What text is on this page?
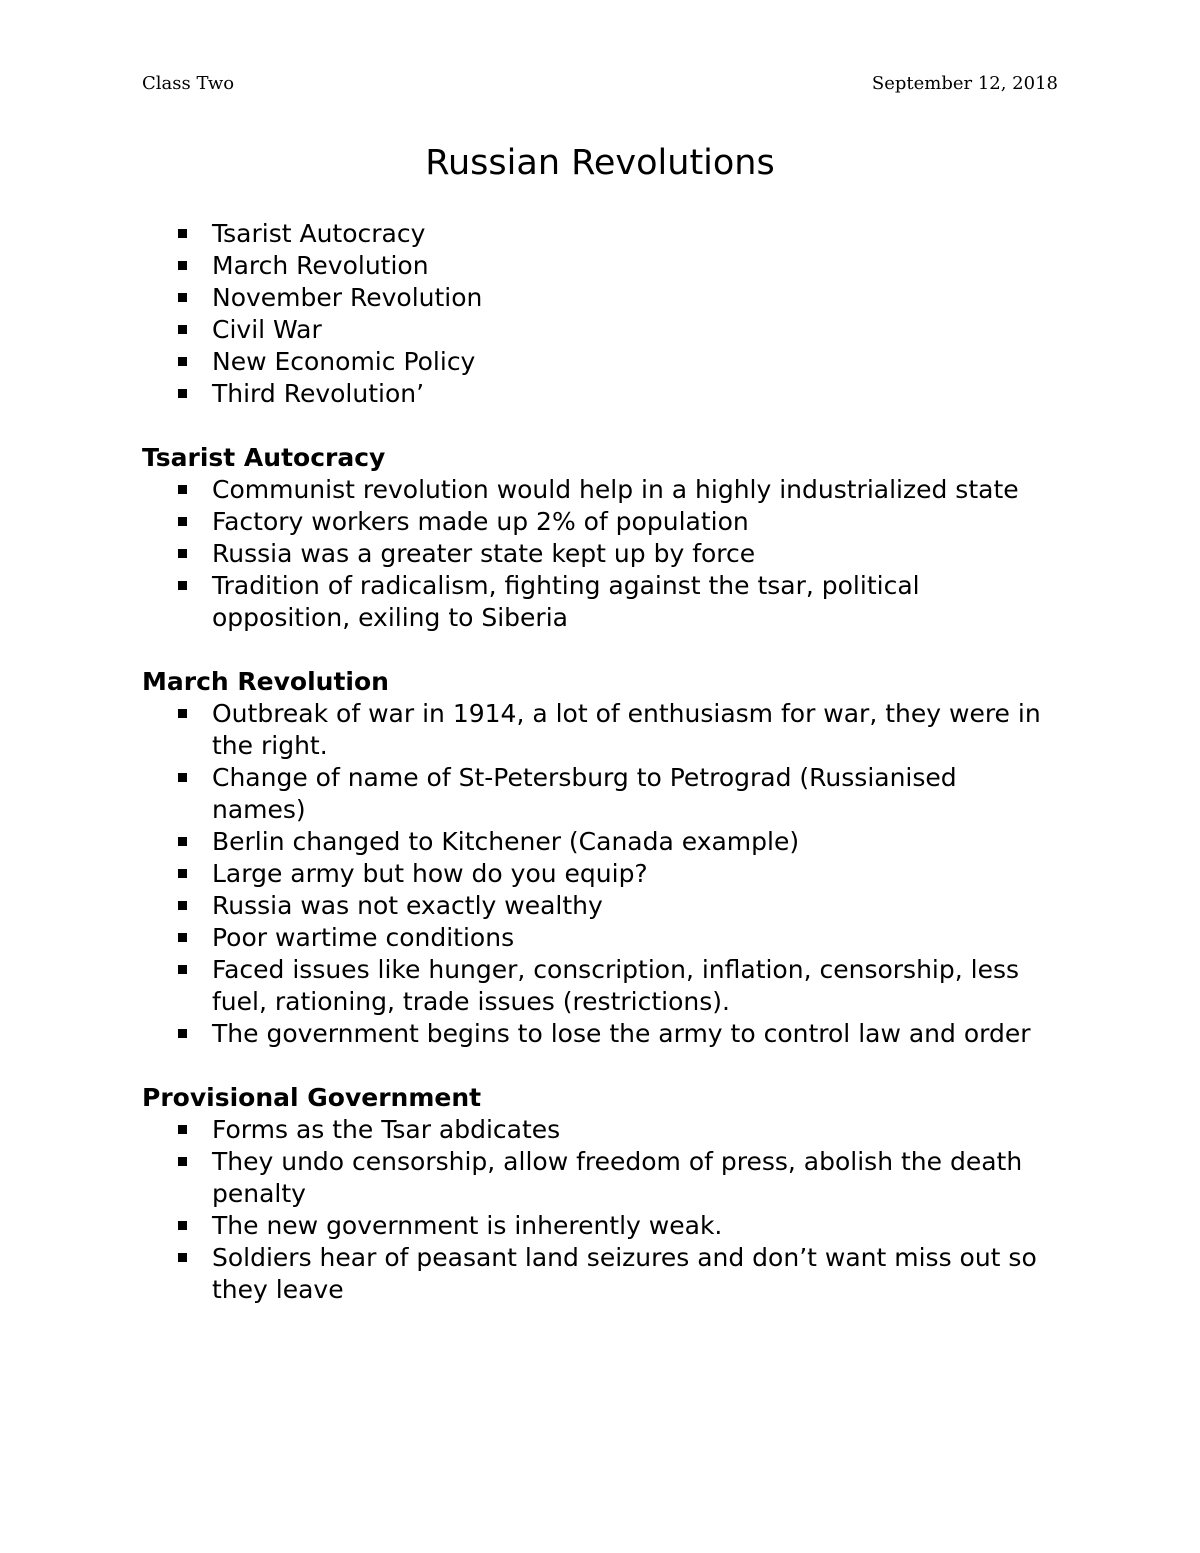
Class Two	September 12, 2018
Russian Revolutions
Tsarist Autocracy
March Revolution
November Revolution
Civil War
New Economic Policy
Third Revolution’
Tsarist Autocracy
Communist revolution would help in a highly industrialized state
Factory workers made up 2% of population
Russia was a greater state kept up by force
Tradition of radicalism, fighting against the tsar, political opposition, exiling to Siberia
March Revolution
Outbreak of war in 1914, a lot of enthusiasm for war, they were in the right.
Change of name of St-Petersburg to Petrograd (Russianised names)
Berlin changed to Kitchener (Canada example)
Large army but how do you equip?
Russia was not exactly wealthy
Poor wartime conditions
Faced issues like hunger, conscription, inflation, censorship, less fuel, rationing, trade issues (restrictions).
The government begins to lose the army to control law and order
Provisional Government
Forms as the Tsar abdicates
They undo censorship, allow freedom of press, abolish the death penalty
The new government is inherently weak.
Soldiers hear of peasant land seizures and don’t want miss out so they leave
